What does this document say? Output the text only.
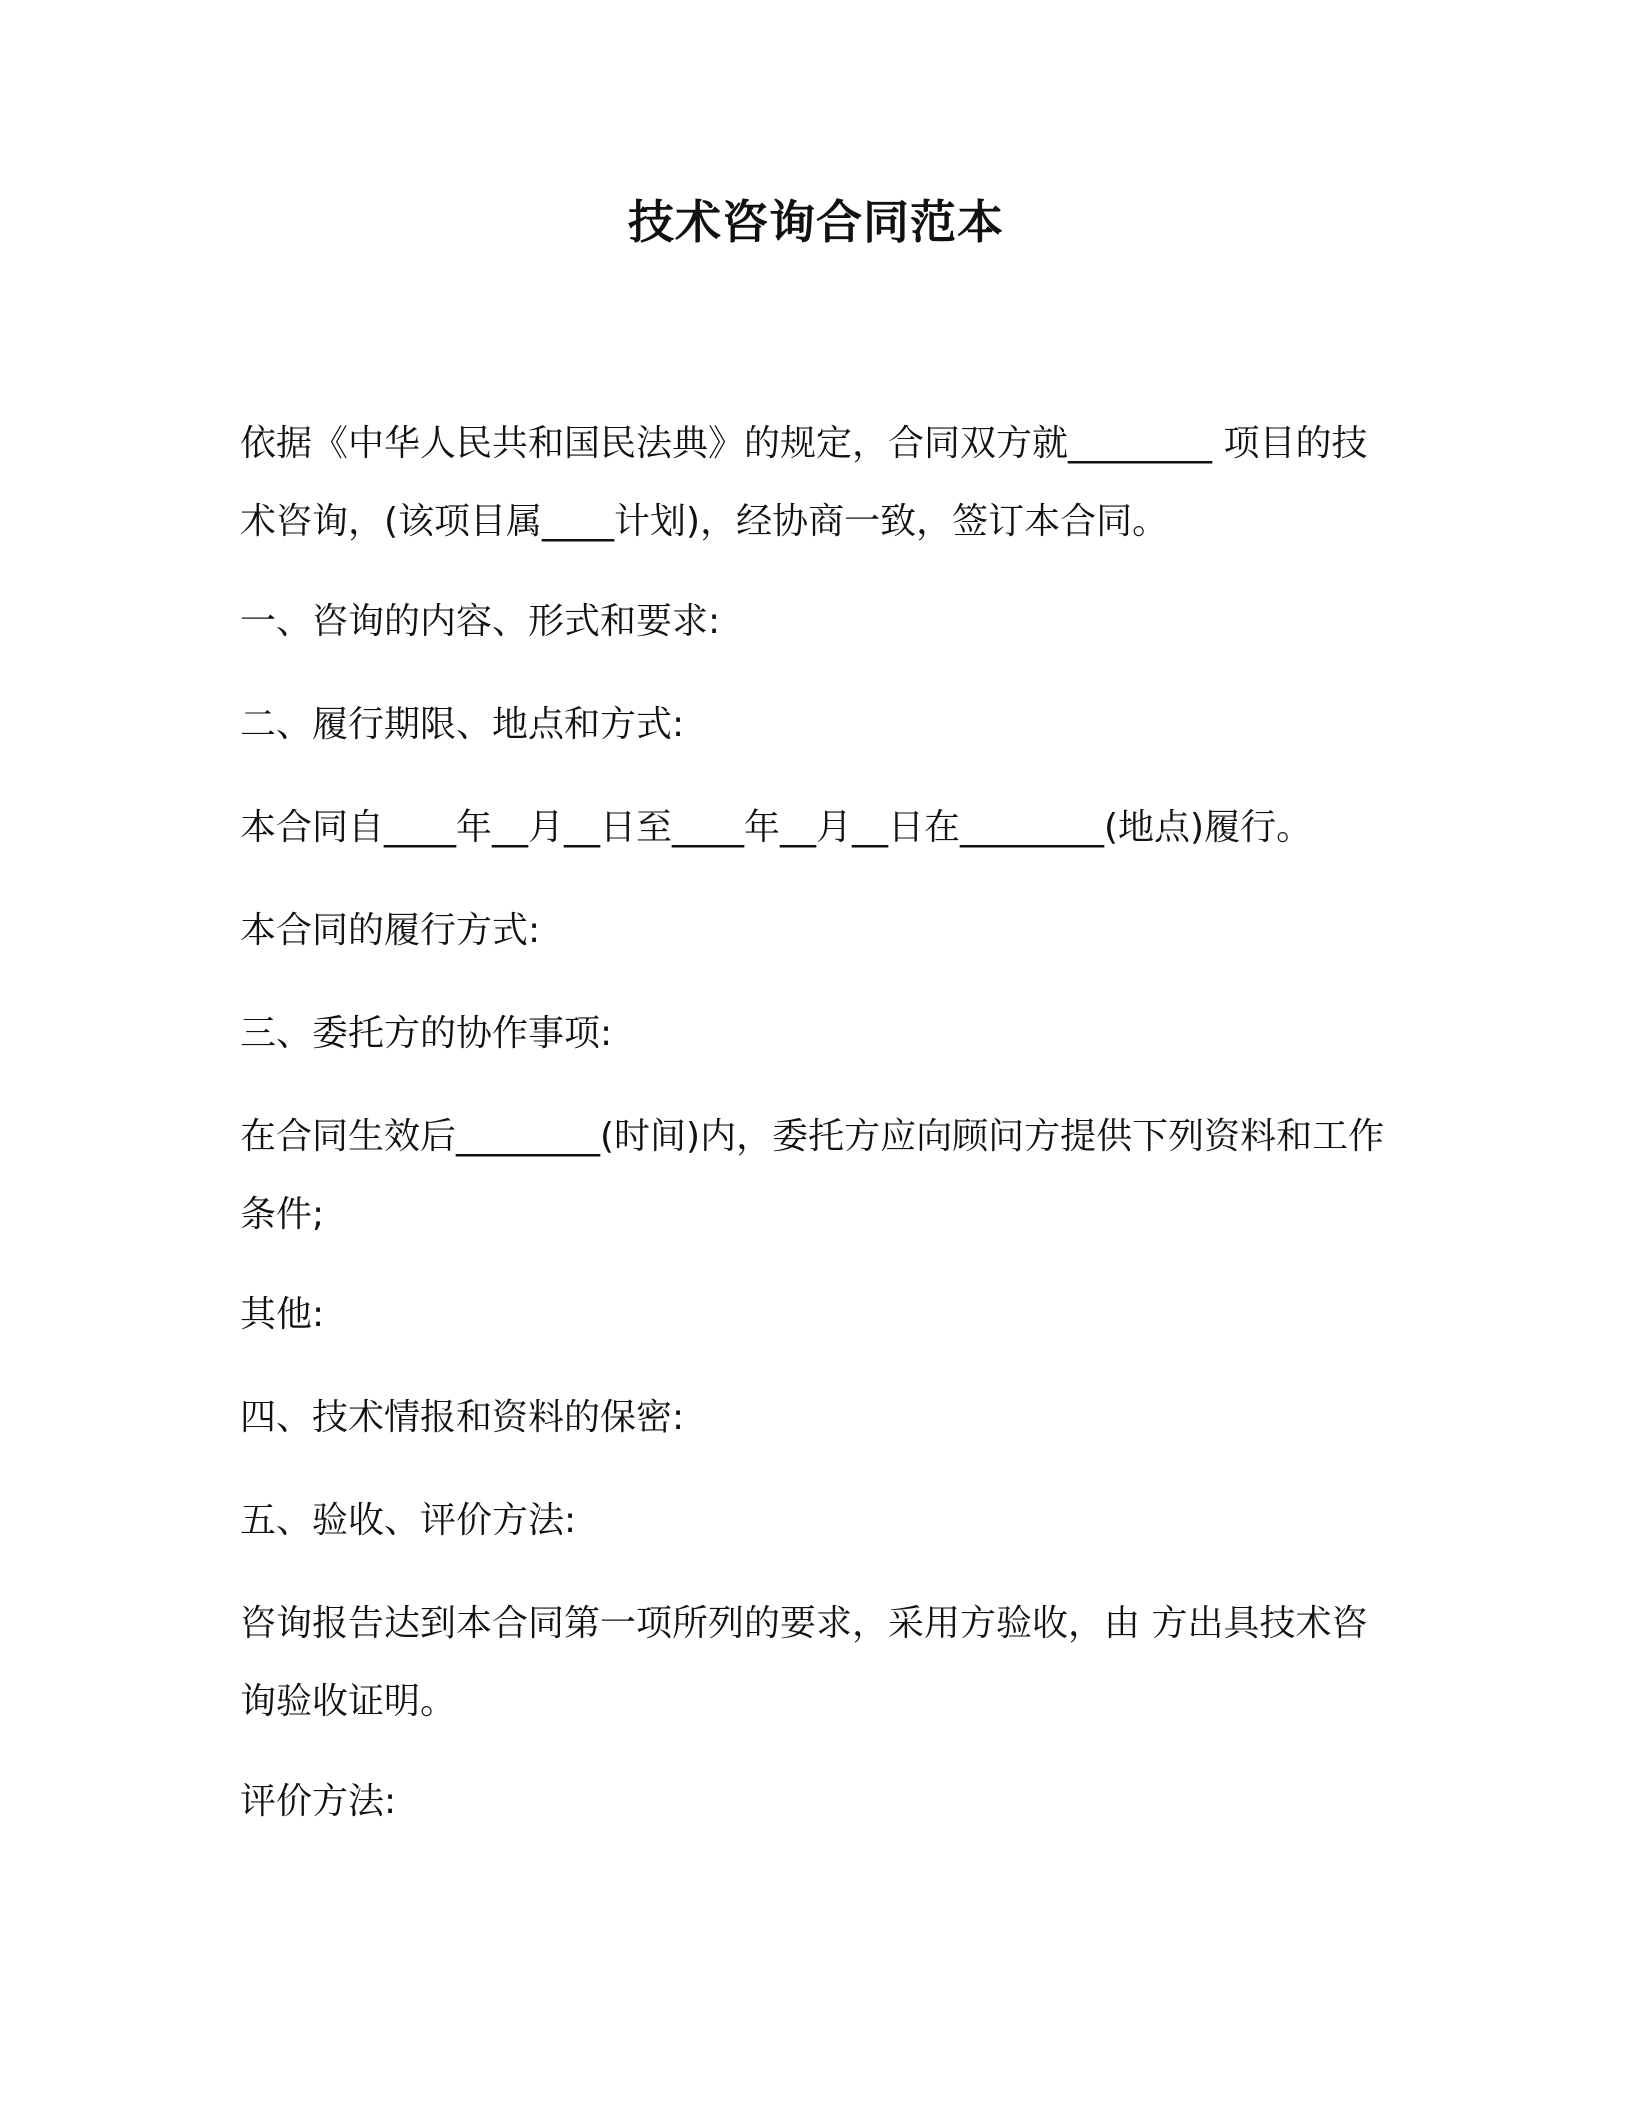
技术咨询合同范本
依据《中华人民共和国民法典》的规定，合同双方就________ 项目的技术咨询，(该项目属____计划)，经协商一致，签订本合同。
一、咨询的内容、形式和要求:
二、履行期限、地点和方式:
本合同自____年__月__日至____年__月__日在________(地点)履行。
本合同的履行方式:
三、委托方的协作事项:
在合同生效后________(时间)内，委托方应向顾问方提供下列资料和工作条件;
其他:
四、技术情报和资料的保密:
五、验收、评价方法:
咨询报告达到本合同第一项所列的要求，采用方验收，由 方出具技术咨询验收证明。
评价方法:
